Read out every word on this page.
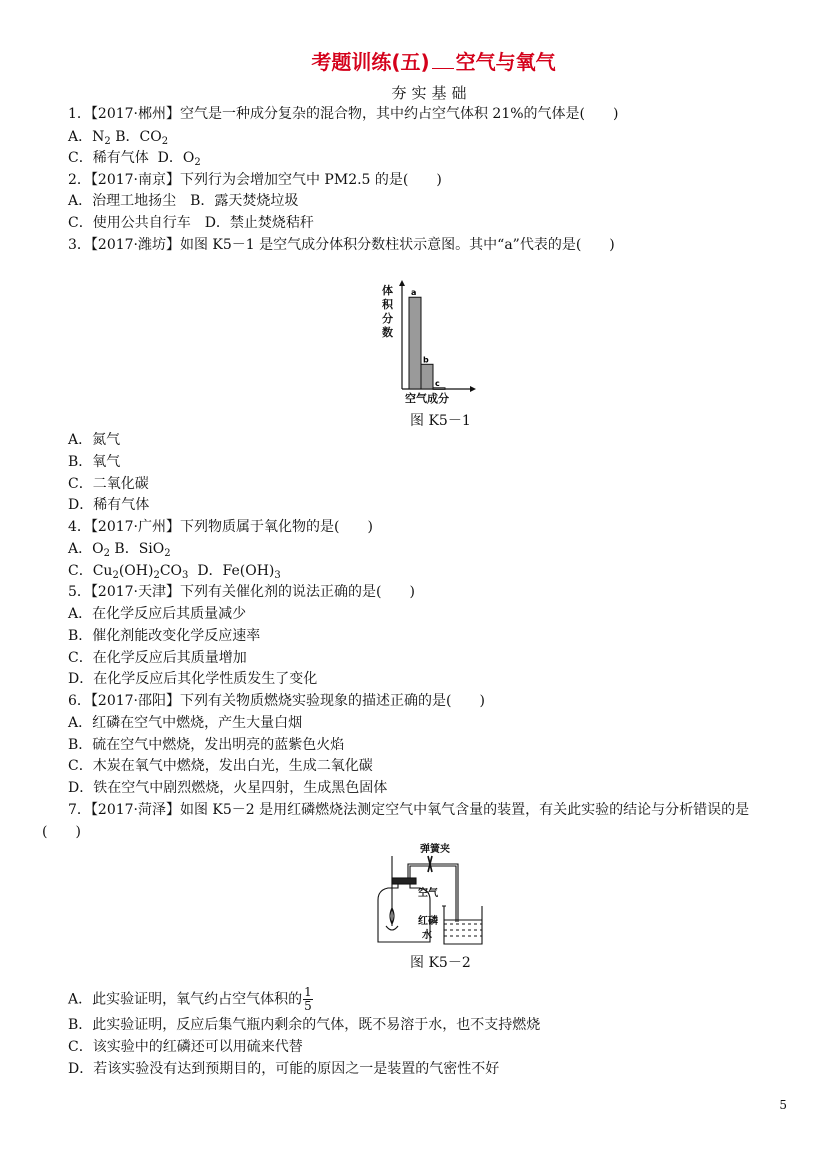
考题训练(五) 空气与氧气
夯实基础
1．【2017·郴州】空气是一种成分复杂的混合物，其中约占空气体积 21%的气体是(　　)
A．$N_2$ B．$CO_2$
C．稀有气体 D．$O_2$
2．【2017·南京】下列行为会增加空气中 PM2.5 的是(　　)
A．治理工地扬尘　B．露天焚烧垃圾
C．使用公共自行车　D．禁止焚烧秸秆
3．【2017·潍坊】如图 K5－1 是空气成分体积分数柱状示意图。其中“a”代表的是(　　)
体
积
分
数
a
b
c
空气成分
图 K5－1
A．氮气
B．氧气
C．二氧化碳
D．稀有气体
4．【2017·广州】下列物质属于氧化物的是(　　)
A．$O_2$ B．SiO$_2$
C．$Cu_2(OH)_2CO_3$ D．$Fe(OH)_3$
5．【2017·天津】下列有关催化剂的说法正确的是(　　)
A．在化学反应后其质量减少
B．催化剂能改变化学反应速率
C．在化学反应后其质量增加
D．在化学反应后其化学性质发生了变化
6．【2017·邵阳】下列有关物质燃烧实验现象的描述正确的是(　　)
A．红磷在空气中燃烧，产生大量白烟
B．硫在空气中燃烧，发出明亮的蓝紫色火焰
C．木炭在氧气中燃烧，发出白光，生成二氧化碳
D．铁在空气中剧烈燃烧，火星四射，生成黑色固体
7．【2017·菏泽】如图 K5－2 是用红磷燃烧法测定空气中氧气含量的装置，有关此实验的结论与分析错误的是
(　　)
弹簧夹
空气
红磷
水
图 K5－2
A．此实验证明，氧气约占空气体积的 $\frac{1}{5}$
B．此实验证明，反应后集气瓶内剩余的气体，既不易溶于水，也不支持燃烧
C．该实验中的红磷还可以用硫来代替
D．若该实验没有达到预期目的，可能的原因之一是装置的气密性不好
5
